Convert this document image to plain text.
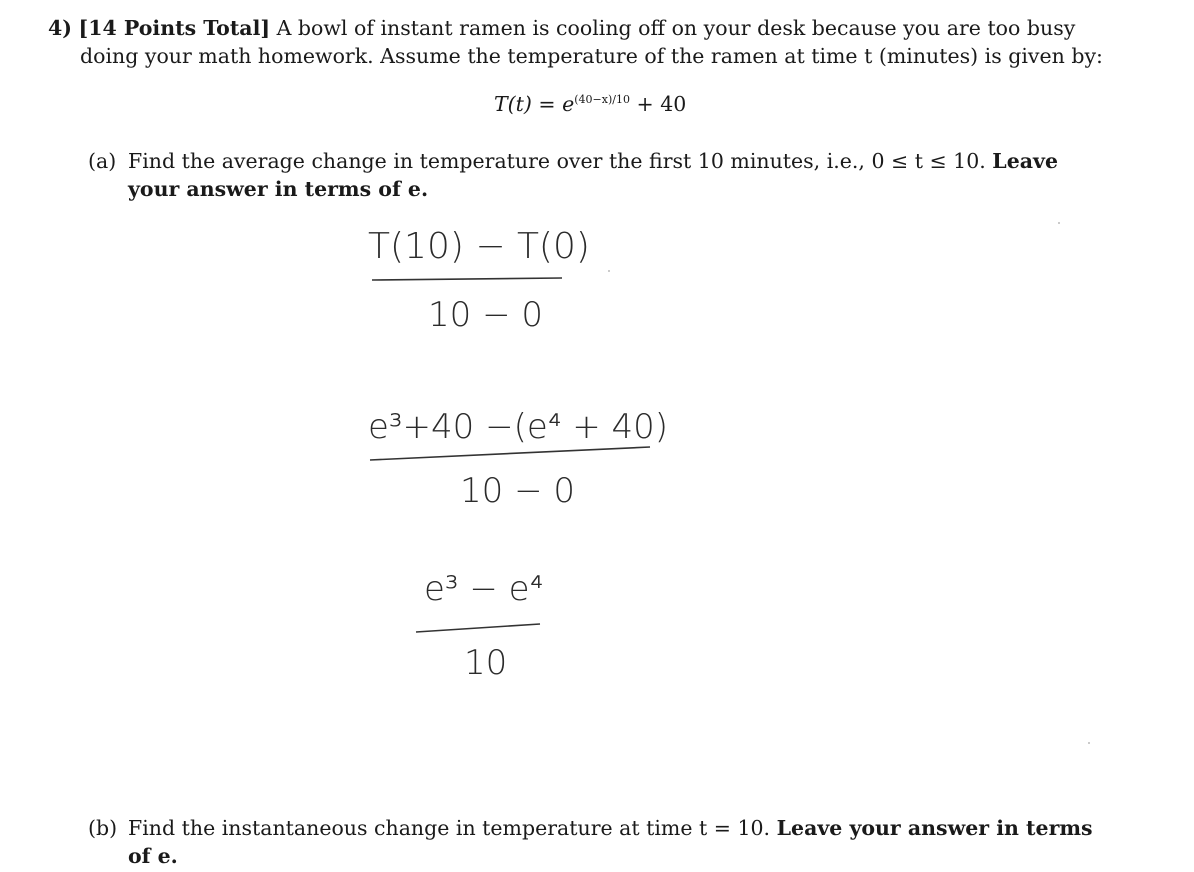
4) [14 Points Total] A bowl of instant ramen is cooling off on your desk because you are too busy doing your math homework. Assume the temperature of the ramen at time t (minutes) is given by:
$T(t) = e^{(40-x)/10} + 40$
(a) Find the average change in temperature over the first 10 minutes, i.e., 0 ≤ t ≤ 10. Leave your answer in terms of e.
T(10) − T(0)
10 − 0
e³+40 −(e⁴ + 40)
10 − 0
e³ − e⁴
10
(b) Find the instantaneous change in temperature at time t = 10. Leave your answer in terms of e.
